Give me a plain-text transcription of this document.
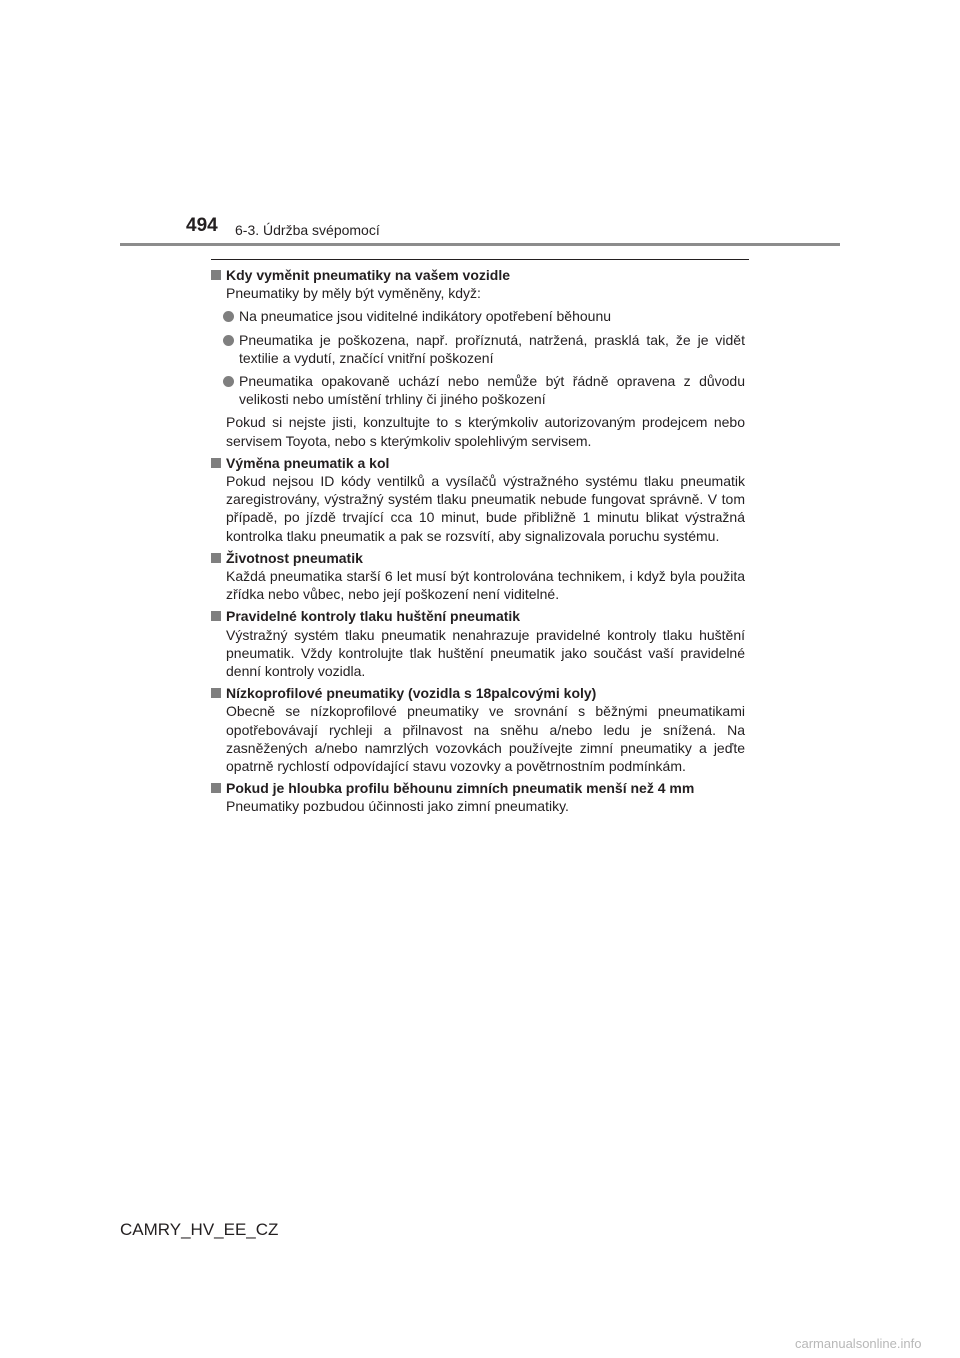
494 6-3. Údržba svépomocí
Kdy vyměnit pneumatiky na vašem vozidle
Pneumatiky by měly být vyměněny, když:
Na pneumatice jsou viditelné indikátory opotřebení běhounu
Pneumatika je poškozena, např. proříznutá, natržená, prasklá tak, že je vidět textilie a vydutí, značící vnitřní poškození
Pneumatika opakovaně uchází nebo nemůže být řádně opravena z důvodu velikosti nebo umístění trhliny či jiného poškození
Pokud si nejste jisti, konzultujte to s kterýmkoliv autorizovaným prodejcem nebo servisem Toyota, nebo s kterýmkoliv spolehlivým servisem.
Výměna pneumatik a kol
Pokud nejsou ID kódy ventilků a vysílačů výstražného systému tlaku pneumatik zaregistrovány, výstražný systém tlaku pneumatik nebude fungovat správně. V tom případě, po jízdě trvající cca 10 minut, bude přibližně 1 minutu blikat výstražná kontrolka tlaku pneumatik a pak se rozsvítí, aby signalizovala poruchu systému.
Životnost pneumatik
Každá pneumatika starší 6 let musí být kontrolována technikem, i když byla použita zřídka nebo vůbec, nebo její poškození není viditelné.
Pravidelné kontroly tlaku huštění pneumatik
Výstražný systém tlaku pneumatik nenahrazuje pravidelné kontroly tlaku huštění pneumatik. Vždy kontrolujte tlak huštění pneumatik jako součást vaší pravidelné denní kontroly vozidla.
Nízkoprofilové pneumatiky (vozidla s 18palcovými koly)
Obecně se nízkoprofilové pneumatiky ve srovnání s běžnými pneumatikami opotřebovávají rychleji a přilnavost na sněhu a/nebo ledu je snížená. Na zasněžených a/nebo namrzlých vozovkách používejte zimní pneumatiky a jeďte opatrně rychlostí odpovídající stavu vozovky a povětrnostním podmínkám.
Pokud je hloubka profilu běhounu zimních pneumatik menší než 4 mm
Pneumatiky pozbudou účinnosti jako zimní pneumatiky.
CAMRY_HV_EE_CZ
carmanualsonline.info
